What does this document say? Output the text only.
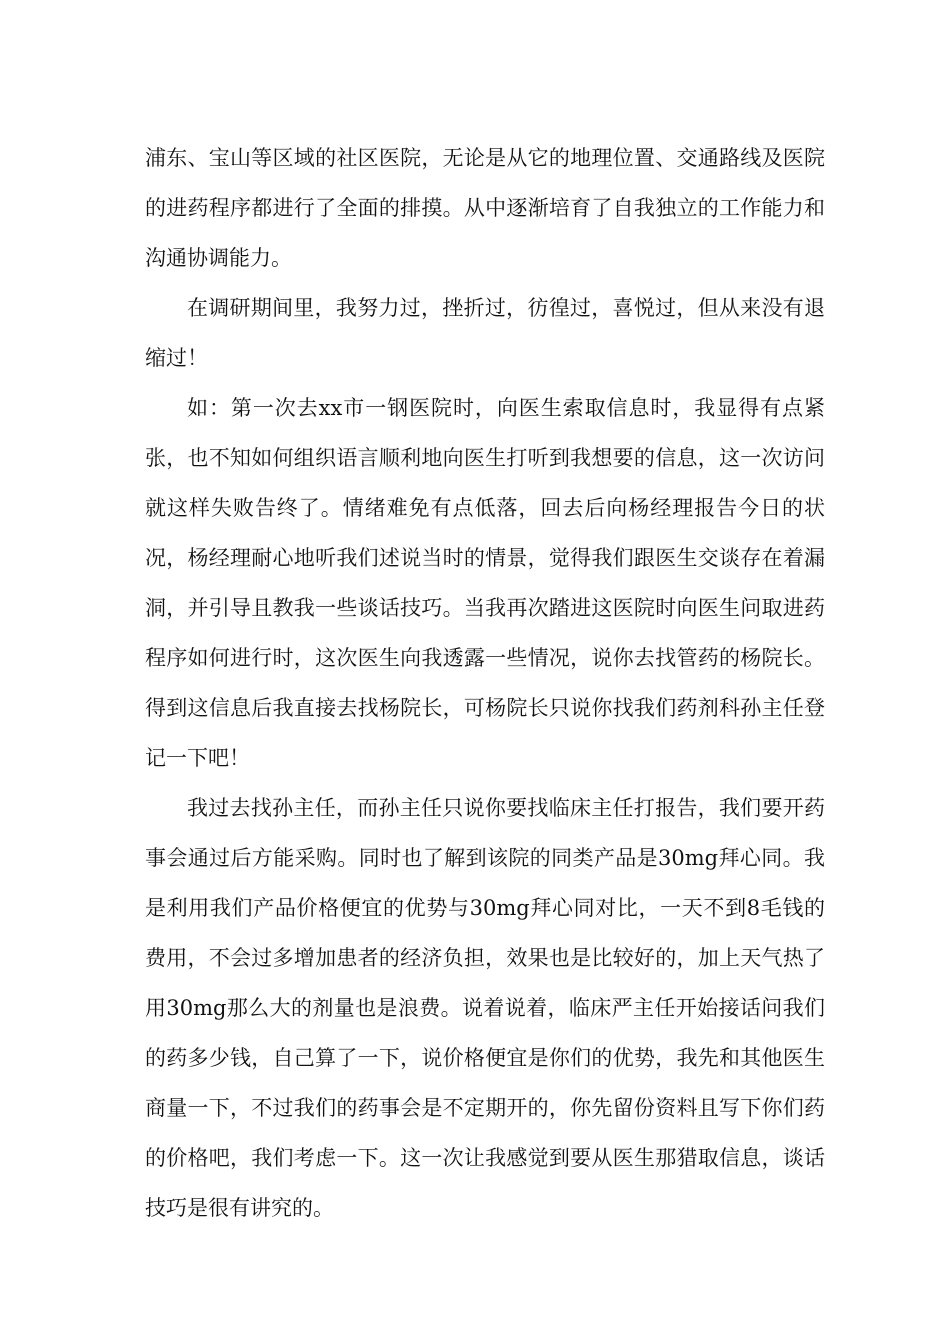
浦东、宝山等区域的社区医院，无论是从它的地理位置、交通路线及医院的进药程序都进行了全面的排摸。从中逐渐培育了自我独立的工作能力和沟通协调能力。

在调研期间里，我努力过，挫折过，彷徨过，喜悦过，但从来没有退缩过！

如：第一次去xx市一钢医院时，向医生索取信息时，我显得有点紧张，也不知如何组织语言顺利地向医生打听到我想要的信息，这一次访问就这样失败告终了。情绪难免有点低落，回去后向杨经理报告今日的状况，杨经理耐心地听我们述说当时的情景，觉得我们跟医生交谈存在着漏洞，并引导且教我一些谈话技巧。当我再次踏进这医院时向医生问取进药程序如何进行时，这次医生向我透露一些情况，说你去找管药的杨院长。得到这信息后我直接去找杨院长，可杨院长只说你找我们药剂科孙主任登记一下吧！

我过去找孙主任，而孙主任只说你要找临床主任打报告，我们要开药事会通过后方能采购。同时也了解到该院的同类产品是30mg拜心同。我是利用我们产品价格便宜的优势与30mg拜心同对比，一天不到8毛钱的费用，不会过多增加患者的经济负担，效果也是比较好的，加上天气热了用30mg那么大的剂量也是浪费。说着说着，临床严主任开始接话问我们的药多少钱，自己算了一下，说价格便宜是你们的优势，我先和其他医生商量一下，不过我们的药事会是不定期开的，你先留份资料且写下你们药的价格吧，我们考虑一下。这一次让我感觉到要从医生那猎取信息，谈话技巧是很有讲究的。
